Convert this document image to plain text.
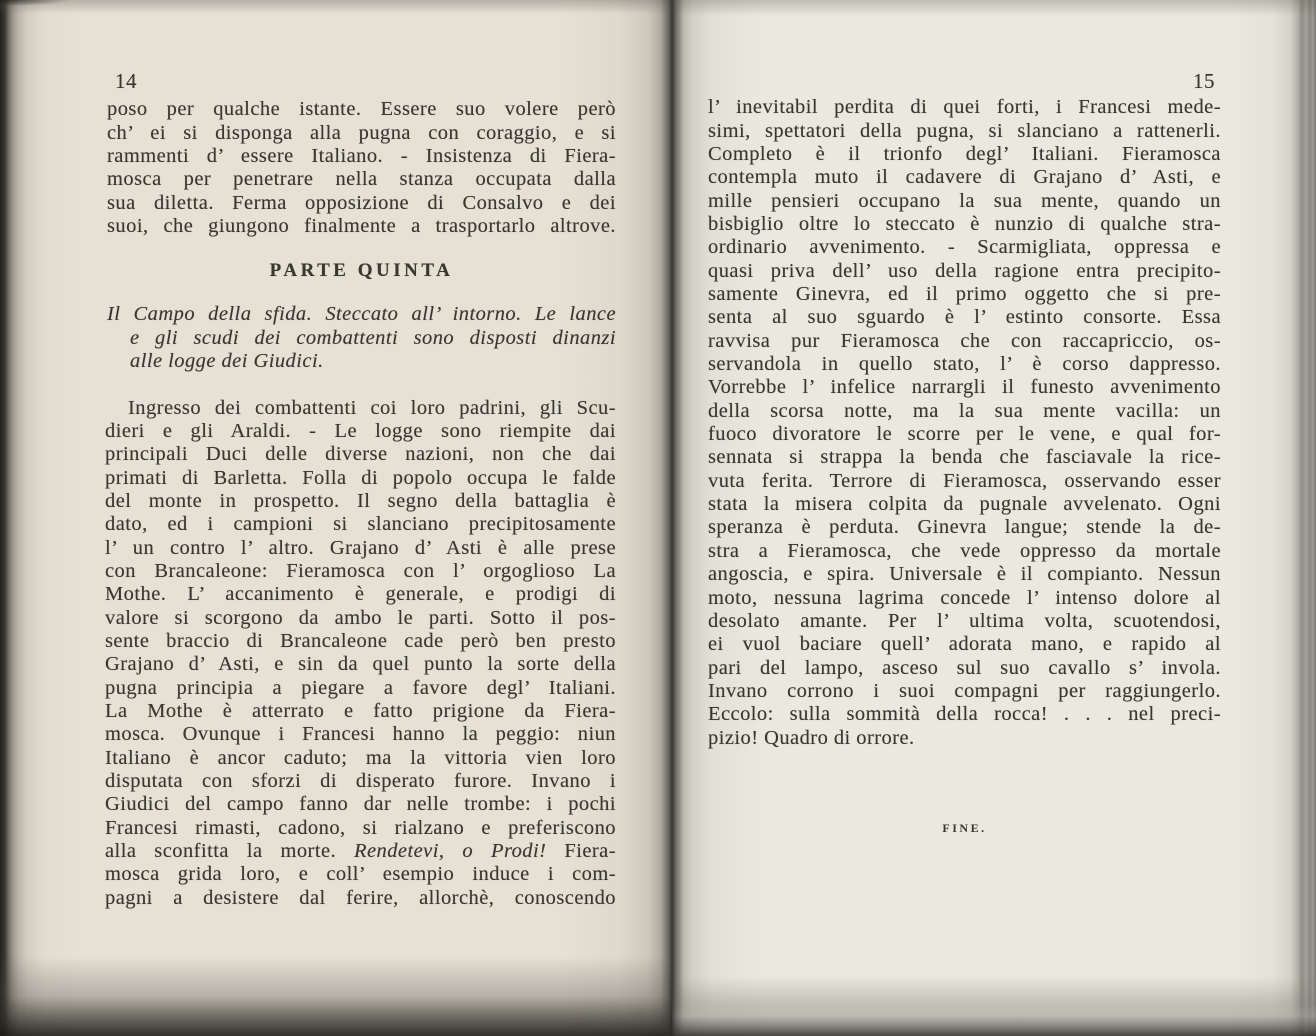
14
poso per qualche istante. Essere suo volere però
ch’ ei si disponga alla pugna con coraggio, e si
rammenti d’ essere Italiano. - Insistenza di Fiera-
mosca per penetrare nella stanza occupata dalla
sua diletta. Ferma opposizione di Consalvo e dei
suoi, che giungono finalmente a trasportarlo altrove.
PARTE QUINTA
Il Campo della sfida. Steccato all’ intorno. Le lance
e gli scudi dei combattenti sono disposti dinanzi
alle logge dei Giudici.
Ingresso dei combattenti coi loro padrini, gli Scu-
dieri e gli Araldi. - Le logge sono riempite dai
principali Duci delle diverse nazioni, non che dai
primati di Barletta. Folla di popolo occupa le falde
del monte in prospetto. Il segno della battaglia è
dato, ed i campioni si slanciano precipitosamente
l’ un contro l’ altro. Grajano d’ Asti è alle prese
con Brancaleone: Fieramosca con l’ orgoglioso La
Mothe. L’ accanimento è generale, e prodigi di
valore si scorgono da ambo le parti. Sotto il pos-
sente braccio di Brancaleone cade però ben presto
Grajano d’ Asti, e sin da quel punto la sorte della
pugna principia a piegare a favore degl’ Italiani.
La Mothe è atterrato e fatto prigione da Fiera-
mosca. Ovunque i Francesi hanno la peggio: niun
Italiano è ancor caduto; ma la vittoria vien loro
disputata con sforzi di disperato furore. Invano i
Giudici del campo fanno dar nelle trombe: i pochi
Francesi rimasti, cadono, si rialzano e preferiscono
alla sconfitta la morte. Rendetevi, o Prodi! Fiera-
mosca grida loro, e coll’ esempio induce i com-
pagni a desistere dal ferire, allorchè, conoscendo
15
l’ inevitabil perdita di quei forti, i Francesi mede-
simi, spettatori della pugna, si slanciano a rattenerli.
Completo è il trionfo degl’ Italiani. Fieramosca
contempla muto il cadavere di Grajano d’ Asti, e
mille pensieri occupano la sua mente, quando un
bisbiglio oltre lo steccato è nunzio di qualche stra-
ordinario avvenimento. - Scarmigliata, oppressa e
quasi priva dell’ uso della ragione entra precipito-
samente Ginevra, ed il primo oggetto che si pre-
senta al suo sguardo è l’ estinto consorte. Essa
ravvisa pur Fieramosca che con raccapriccio, os-
servandola in quello stato, l’ è corso dappresso.
Vorrebbe l’ infelice narrargli il funesto avvenimento
della scorsa notte, ma la sua mente vacilla: un
fuoco divoratore le scorre per le vene, e qual for-
sennata si strappa la benda che fasciavale la rice-
vuta ferita. Terrore di Fieramosca, osservando esser
stata la misera colpita da pugnale avvelenato. Ogni
speranza è perduta. Ginevra langue; stende la de-
stra a Fieramosca, che vede oppresso da mortale
angoscia, e spira. Universale è il compianto. Nessun
moto, nessuna lagrima concede l’ intenso dolore al
desolato amante. Per l’ ultima volta, scuotendosi,
ei vuol baciare quell’ adorata mano, e rapido al
pari del lampo, asceso sul suo cavallo s’ invola.
Invano corrono i suoi compagni per raggiungerlo.
Eccolo: sulla sommità della rocca! . . . nel preci-
pizio! Quadro di orrore.
FINE.
